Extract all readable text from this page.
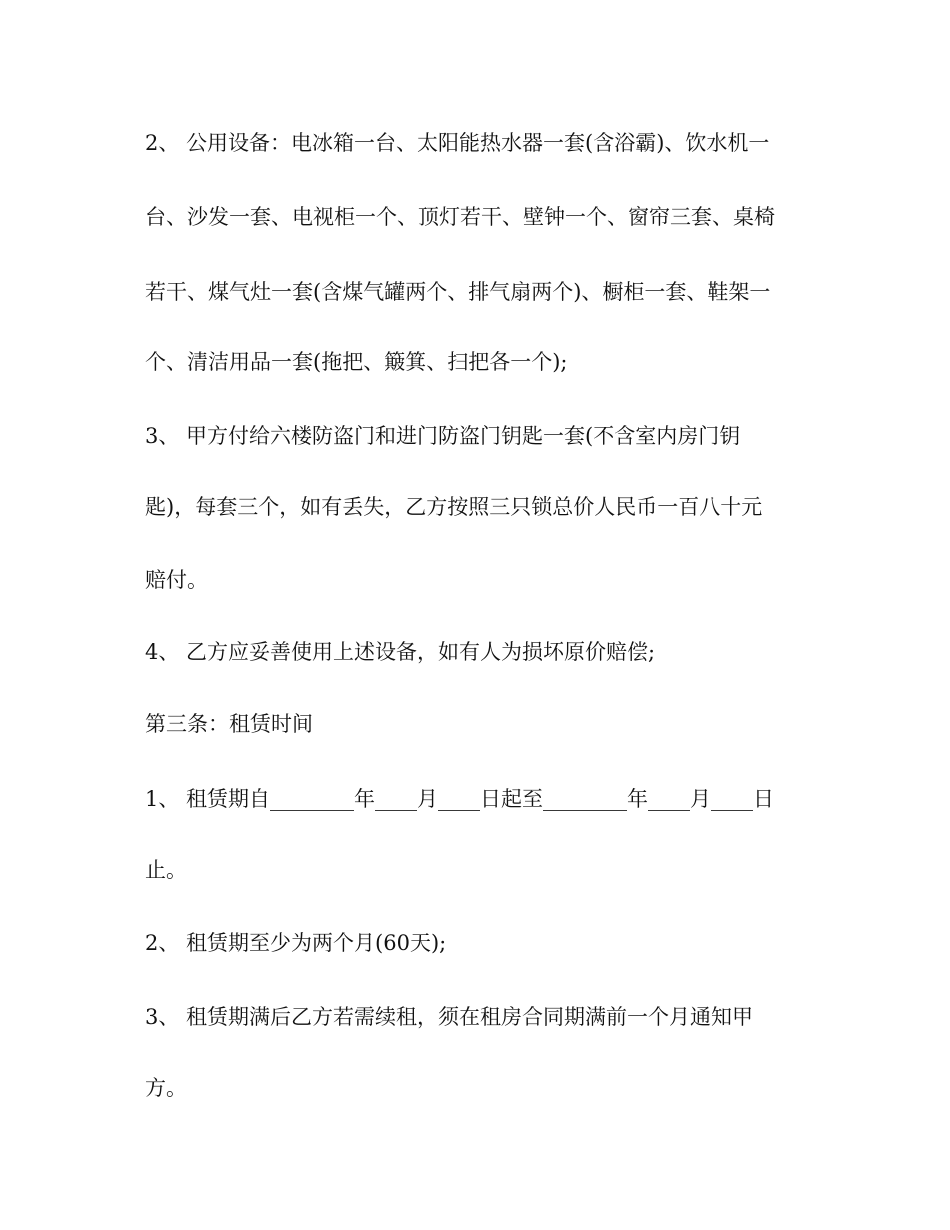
2、 公用设备：电冰箱一台、太阳能热水器一套(含浴霸)、饮水机一
台、沙发一套、电视柜一个、顶灯若干、壁钟一个、窗帘三套、桌椅
若干、煤气灶一套(含煤气罐两个、排气扇两个)、橱柜一套、鞋架一
个、清洁用品一套(拖把、簸箕、扫把各一个);
3、 甲方付给六楼防盗门和进门防盗门钥匙一套(不含室内房门钥
匙)，每套三个，如有丢失，乙方按照三只锁总价人民币一百八十元
赔付。
4、 乙方应妥善使用上述设备，如有人为损坏原价赔偿;
第三条：租赁时间
1、 租赁期自________年____月____日起至________年____月____日
止。
2、 租赁期至少为两个月(60天);
3、 租赁期满后乙方若需续租，须在租房合同期满前一个月通知甲
方。
